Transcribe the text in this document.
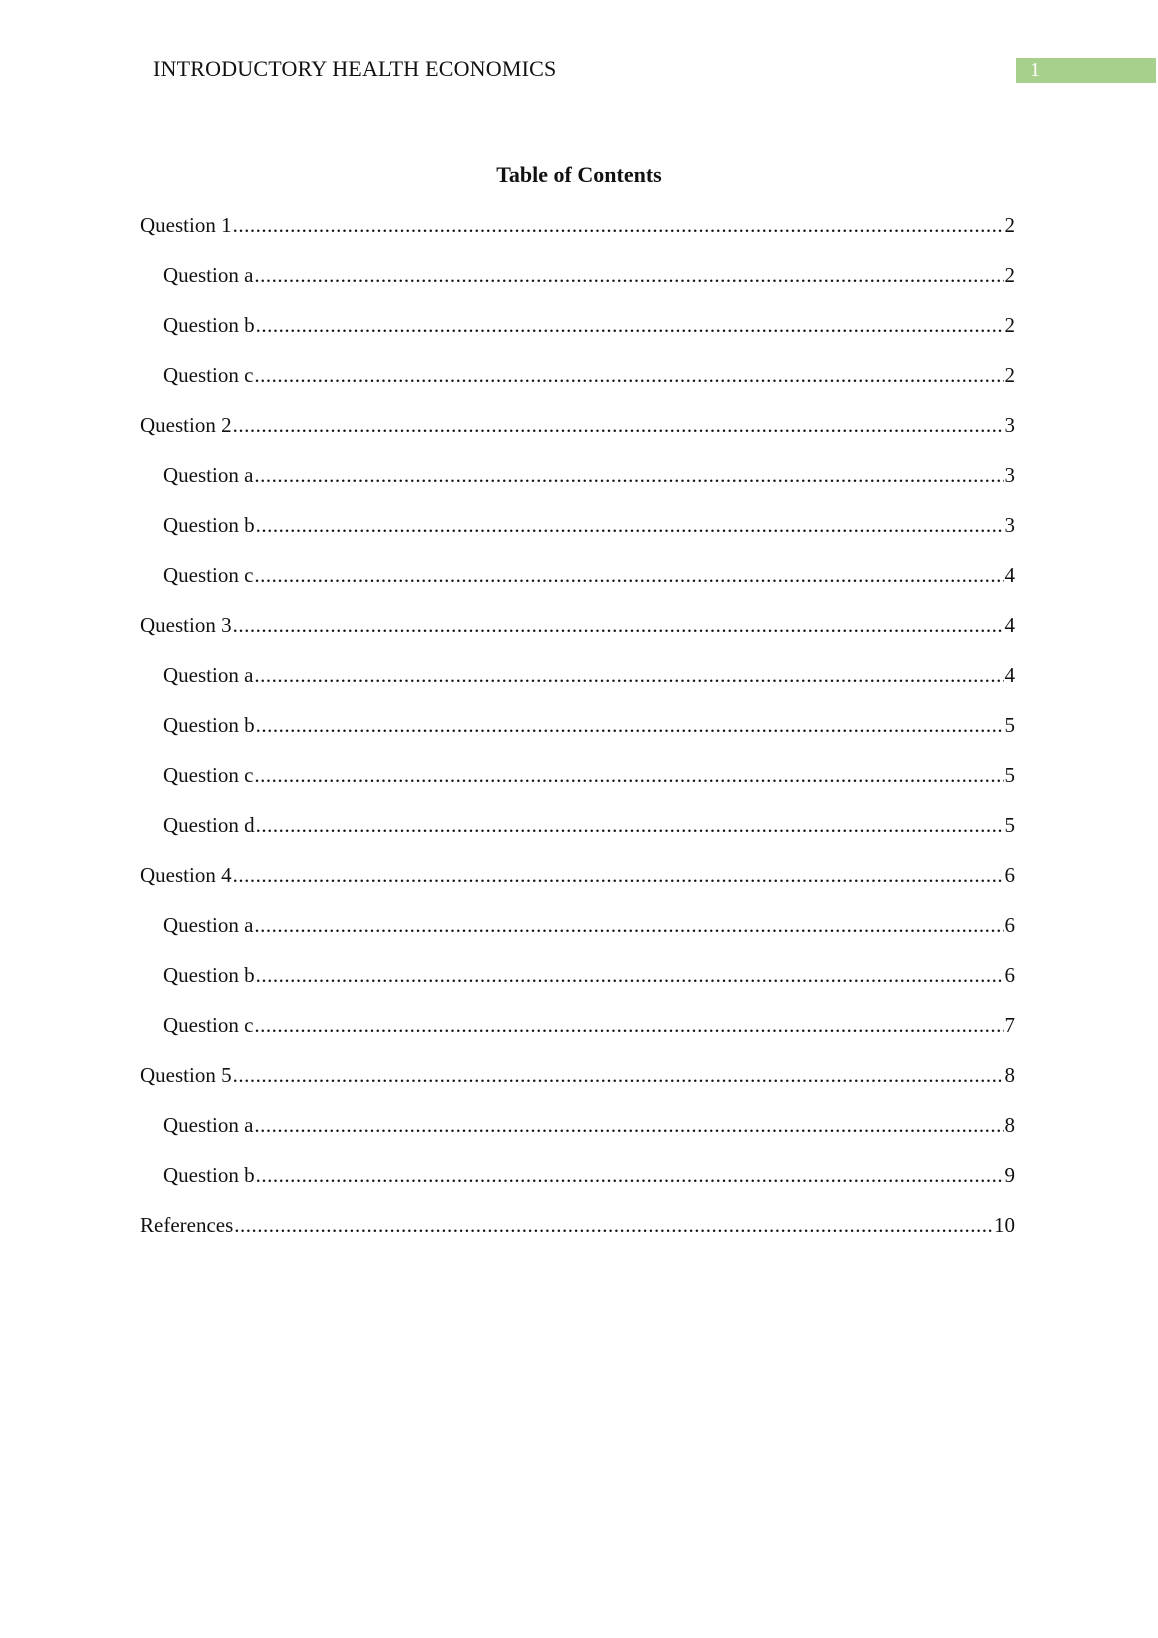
INTRODUCTORY HEALTH ECONOMICS	1
Table of Contents
Question 1 .....	2
Question a .....	2
Question b .....	2
Question c .....	2
Question 2 .....	3
Question a .....	3
Question b .....	3
Question c .....	4
Question 3 .....	4
Question a .....	4
Question b .....	5
Question c .....	5
Question d .....	5
Question 4 .....	6
Question a .....	6
Question b .....	6
Question c .....	7
Question 5 .....	8
Question a .....	8
Question b .....	9
References .....	10
